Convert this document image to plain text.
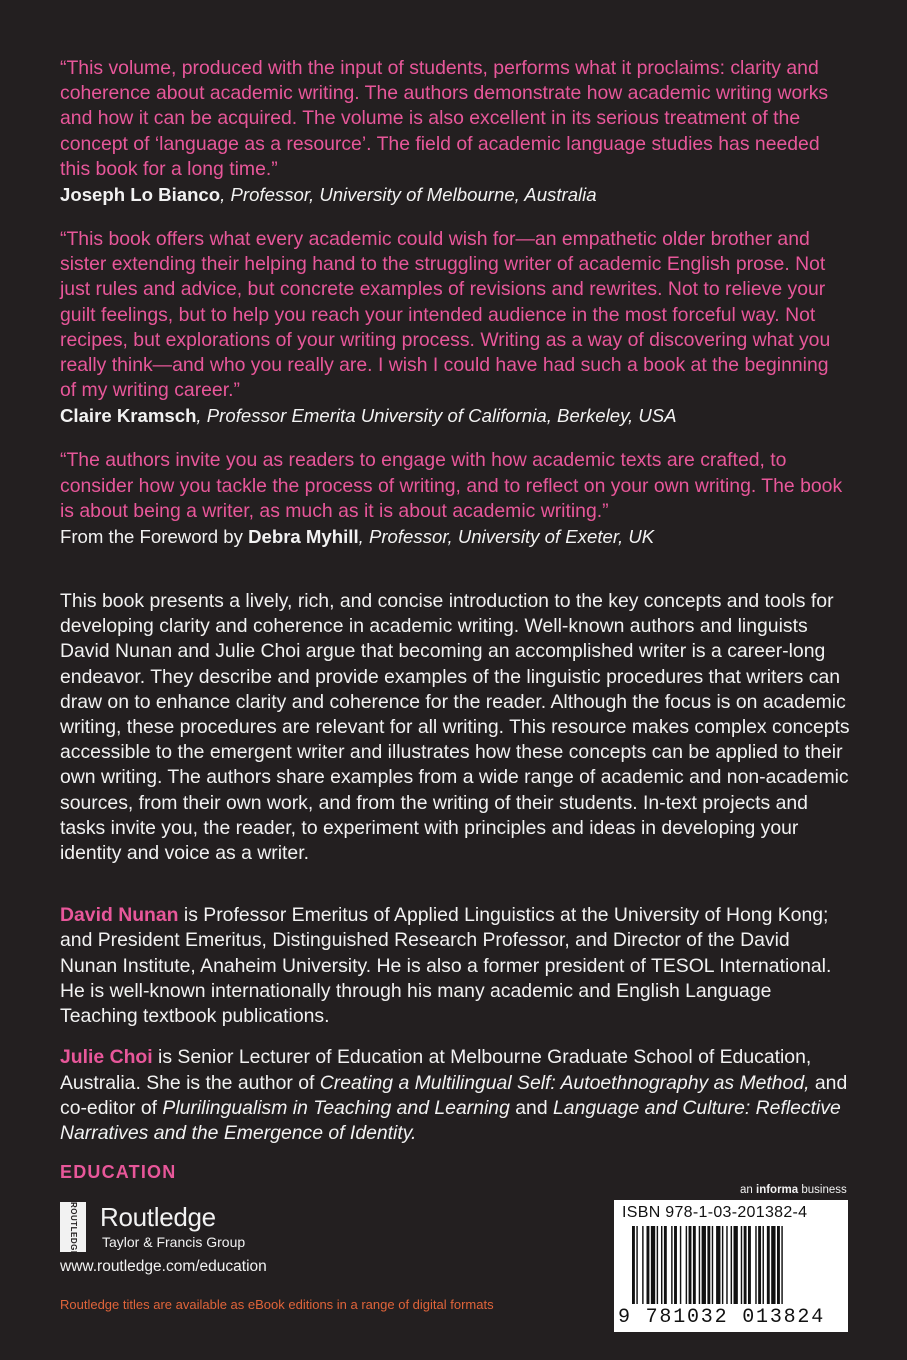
“This volume, produced with the input of students, performs what it proclaims: clarity and coherence about academic writing. The authors demonstrate how academic writing works and how it can be acquired. The volume is also excellent in its serious treatment of the concept of ‘language as a resource’. The field of academic language studies has needed this book for a long time.”

Joseph Lo Bianco, Professor, University of Melbourne, Australia

“This book offers what every academic could wish for—an empathetic older brother and sister extending their helping hand to the struggling writer of academic English prose. Not just rules and advice, but concrete examples of revisions and rewrites. Not to relieve your guilt feelings, but to help you reach your intended audience in the most forceful way. Not recipes, but explorations of your writing process. Writing as a way of discovering what you really think—and who you really are. I wish I could have had such a book at the beginning of my writing career.”

Claire Kramsch, Professor Emerita University of California, Berkeley, USA

“The authors invite you as readers to engage with how academic texts are crafted, to consider how you tackle the process of writing, and to reflect on your own writing. The book is about being a writer, as much as it is about academic writing.”

From the Foreword by Debra Myhill, Professor, University of Exeter, UK

This book presents a lively, rich, and concise introduction to the key concepts and tools for developing clarity and coherence in academic writing. Well-known authors and linguists David Nunan and Julie Choi argue that becoming an accomplished writer is a career-long endeavor. They describe and provide examples of the linguistic procedures that writers can draw on to enhance clarity and coherence for the reader. Although the focus is on academic writing, these procedures are relevant for all writing. This resource makes complex concepts accessible to the emergent writer and illustrates how these concepts can be applied to their own writing. The authors share examples from a wide range of academic and non-academic sources, from their own work, and from the writing of their students. In-text projects and tasks invite you, the reader, to experiment with principles and ideas in developing your identity and voice as a writer.

David Nunan is Professor Emeritus of Applied Linguistics at the University of Hong Kong; and President Emeritus, Distinguished Research Professor, and Director of the David Nunan Institute, Anaheim University. He is also a former president of TESOL International. He is well-known internationally through his many academic and English Language Teaching textbook publications.

Julie Choi is Senior Lecturer of Education at Melbourne Graduate School of Education, Australia. She is the author of Creating a Multilingual Self: Autoethnography as Method, and co-editor of Plurilingualism in Teaching and Learning and Language and Culture: Reflective Narratives and the Emergence of Identity.

EDUCATION
ROUTLEDGE Routledge
Taylor & Francis Group
www.routledge.com/education
Routledge titles are available as eBook editions in a range of digital formats
an informa business
ISBN 978-1-03-201382-4
9 781032 013824
